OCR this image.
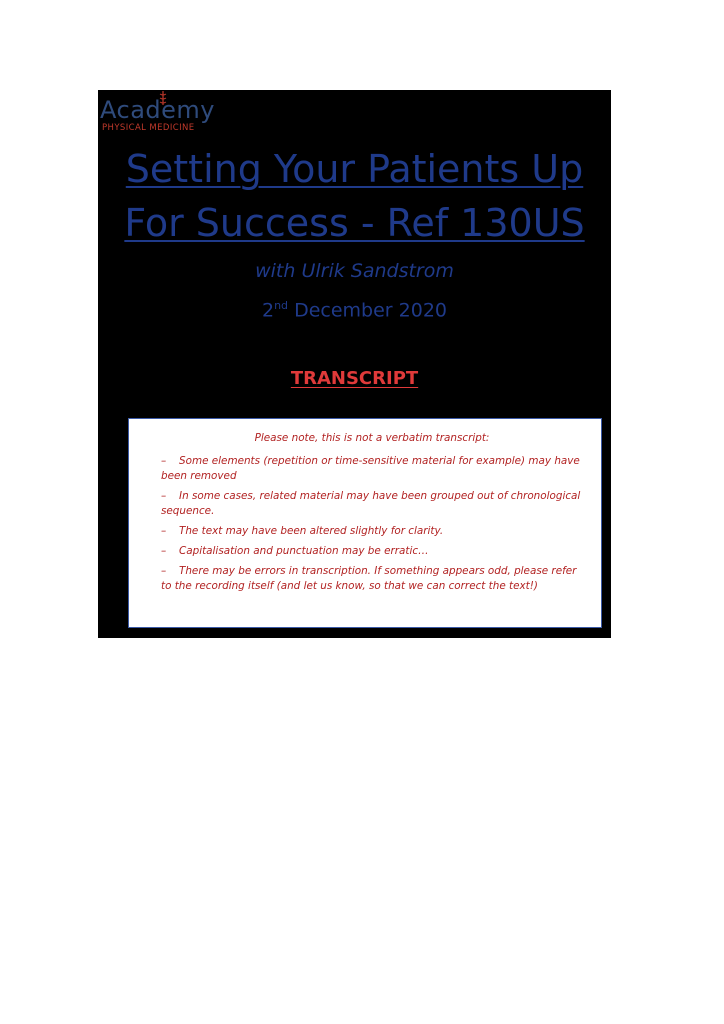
Academy
PHYSICAL MEDICINE
Setting Your Patients Up
For Success - Ref 130US
with Ulrik Sandstrom
2nd December 2020
TRANSCRIPT

Please note, this is not a verbatim transcript:

– Some elements (repetition or time-sensitive material for example) may have been removed
– In some cases, related material may have been grouped out of chronological sequence.
– The text may have been altered slightly for clarity.
– Capitalisation and punctuation may be erratic…
– There may be errors in transcription. If something appears odd, please refer to the recording itself (and let us know, so that we can correct the text!)
